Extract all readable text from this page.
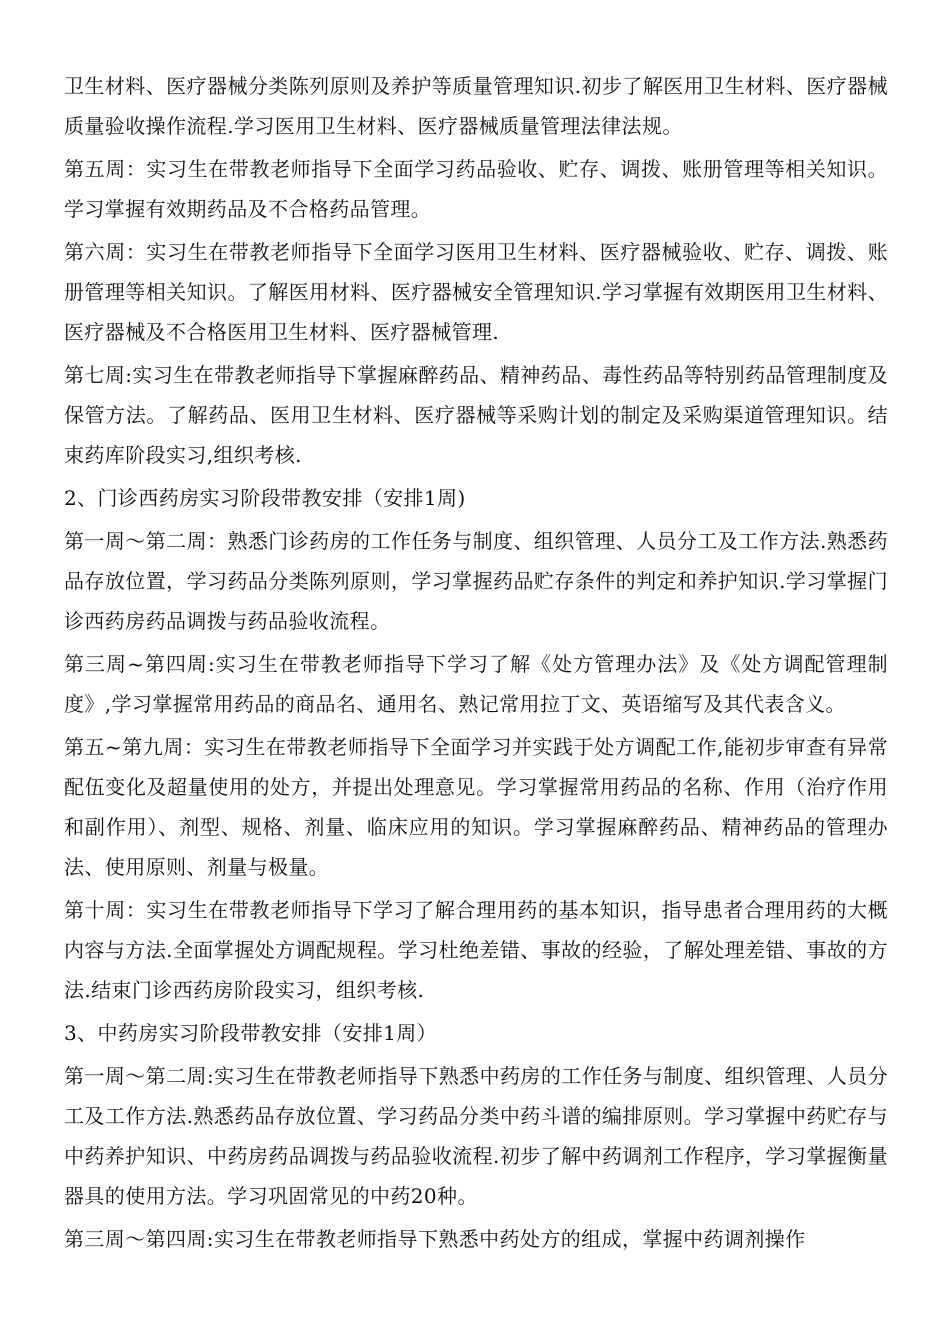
卫生材料、医疗器械分类陈列原则及养护等质量管理知识.初步了解医用卫生材料、医疗器械质量验收操作流程.学习医用卫生材料、医疗器械质量管理法律法规。

第五周：实习生在带教老师指导下全面学习药品验收、贮存、调拨、账册管理等相关知识。学习掌握有效期药品及不合格药品管理。

第六周：实习生在带教老师指导下全面学习医用卫生材料、医疗器械验收、贮存、调拨、账册管理等相关知识。了解医用材料、医疗器械安全管理知识.学习掌握有效期医用卫生材料、医疗器械及不合格医用卫生材料、医疗器械管理.

第七周:实习生在带教老师指导下掌握麻醉药品、精神药品、毒性药品等特别药品管理制度及保管方法。了解药品、医用卫生材料、医疗器械等采购计划的制定及采购渠道管理知识。结束药库阶段实习,组织考核.

2、门诊西药房实习阶段带教安排（安排1周)

第一周～第二周：熟悉门诊药房的工作任务与制度、组织管理、人员分工及工作方法.熟悉药品存放位置，学习药品分类陈列原则，学习掌握药品贮存条件的判定和养护知识.学习掌握门诊西药房药品调拨与药品验收流程。

第三周~第四周:实习生在带教老师指导下学习了解《处方管理办法》及《处方调配管理制度》,学习掌握常用药品的商品名、通用名、熟记常用拉丁文、英语缩写及其代表含义。

第五~第九周：实习生在带教老师指导下全面学习并实践于处方调配工作,能初步审查有异常配伍变化及超量使用的处方，并提出处理意见。学习掌握常用药品的名称、作用（治疗作用和副作用）、剂型、规格、剂量、临床应用的知识。学习掌握麻醉药品、精神药品的管理办法、使用原则、剂量与极量。

第十周：实习生在带教老师指导下学习了解合理用药的基本知识，指导患者合理用药的大概内容与方法.全面掌握处方调配规程。学习杜绝差错、事故的经验，了解处理差错、事故的方法.结束门诊西药房阶段实习，组织考核.

3、中药房实习阶段带教安排（安排1周）

第一周～第二周:实习生在带教老师指导下熟悉中药房的工作任务与制度、组织管理、人员分工及工作方法.熟悉药品存放位置、学习药品分类中药斗谱的编排原则。学习掌握中药贮存与中药养护知识、中药房药品调拨与药品验收流程.初步了解中药调剂工作程序，学习掌握衡量器具的使用方法。学习巩固常见的中药20种。

第三周～第四周:实习生在带教老师指导下熟悉中药处方的组成，掌握中药调剂操作
